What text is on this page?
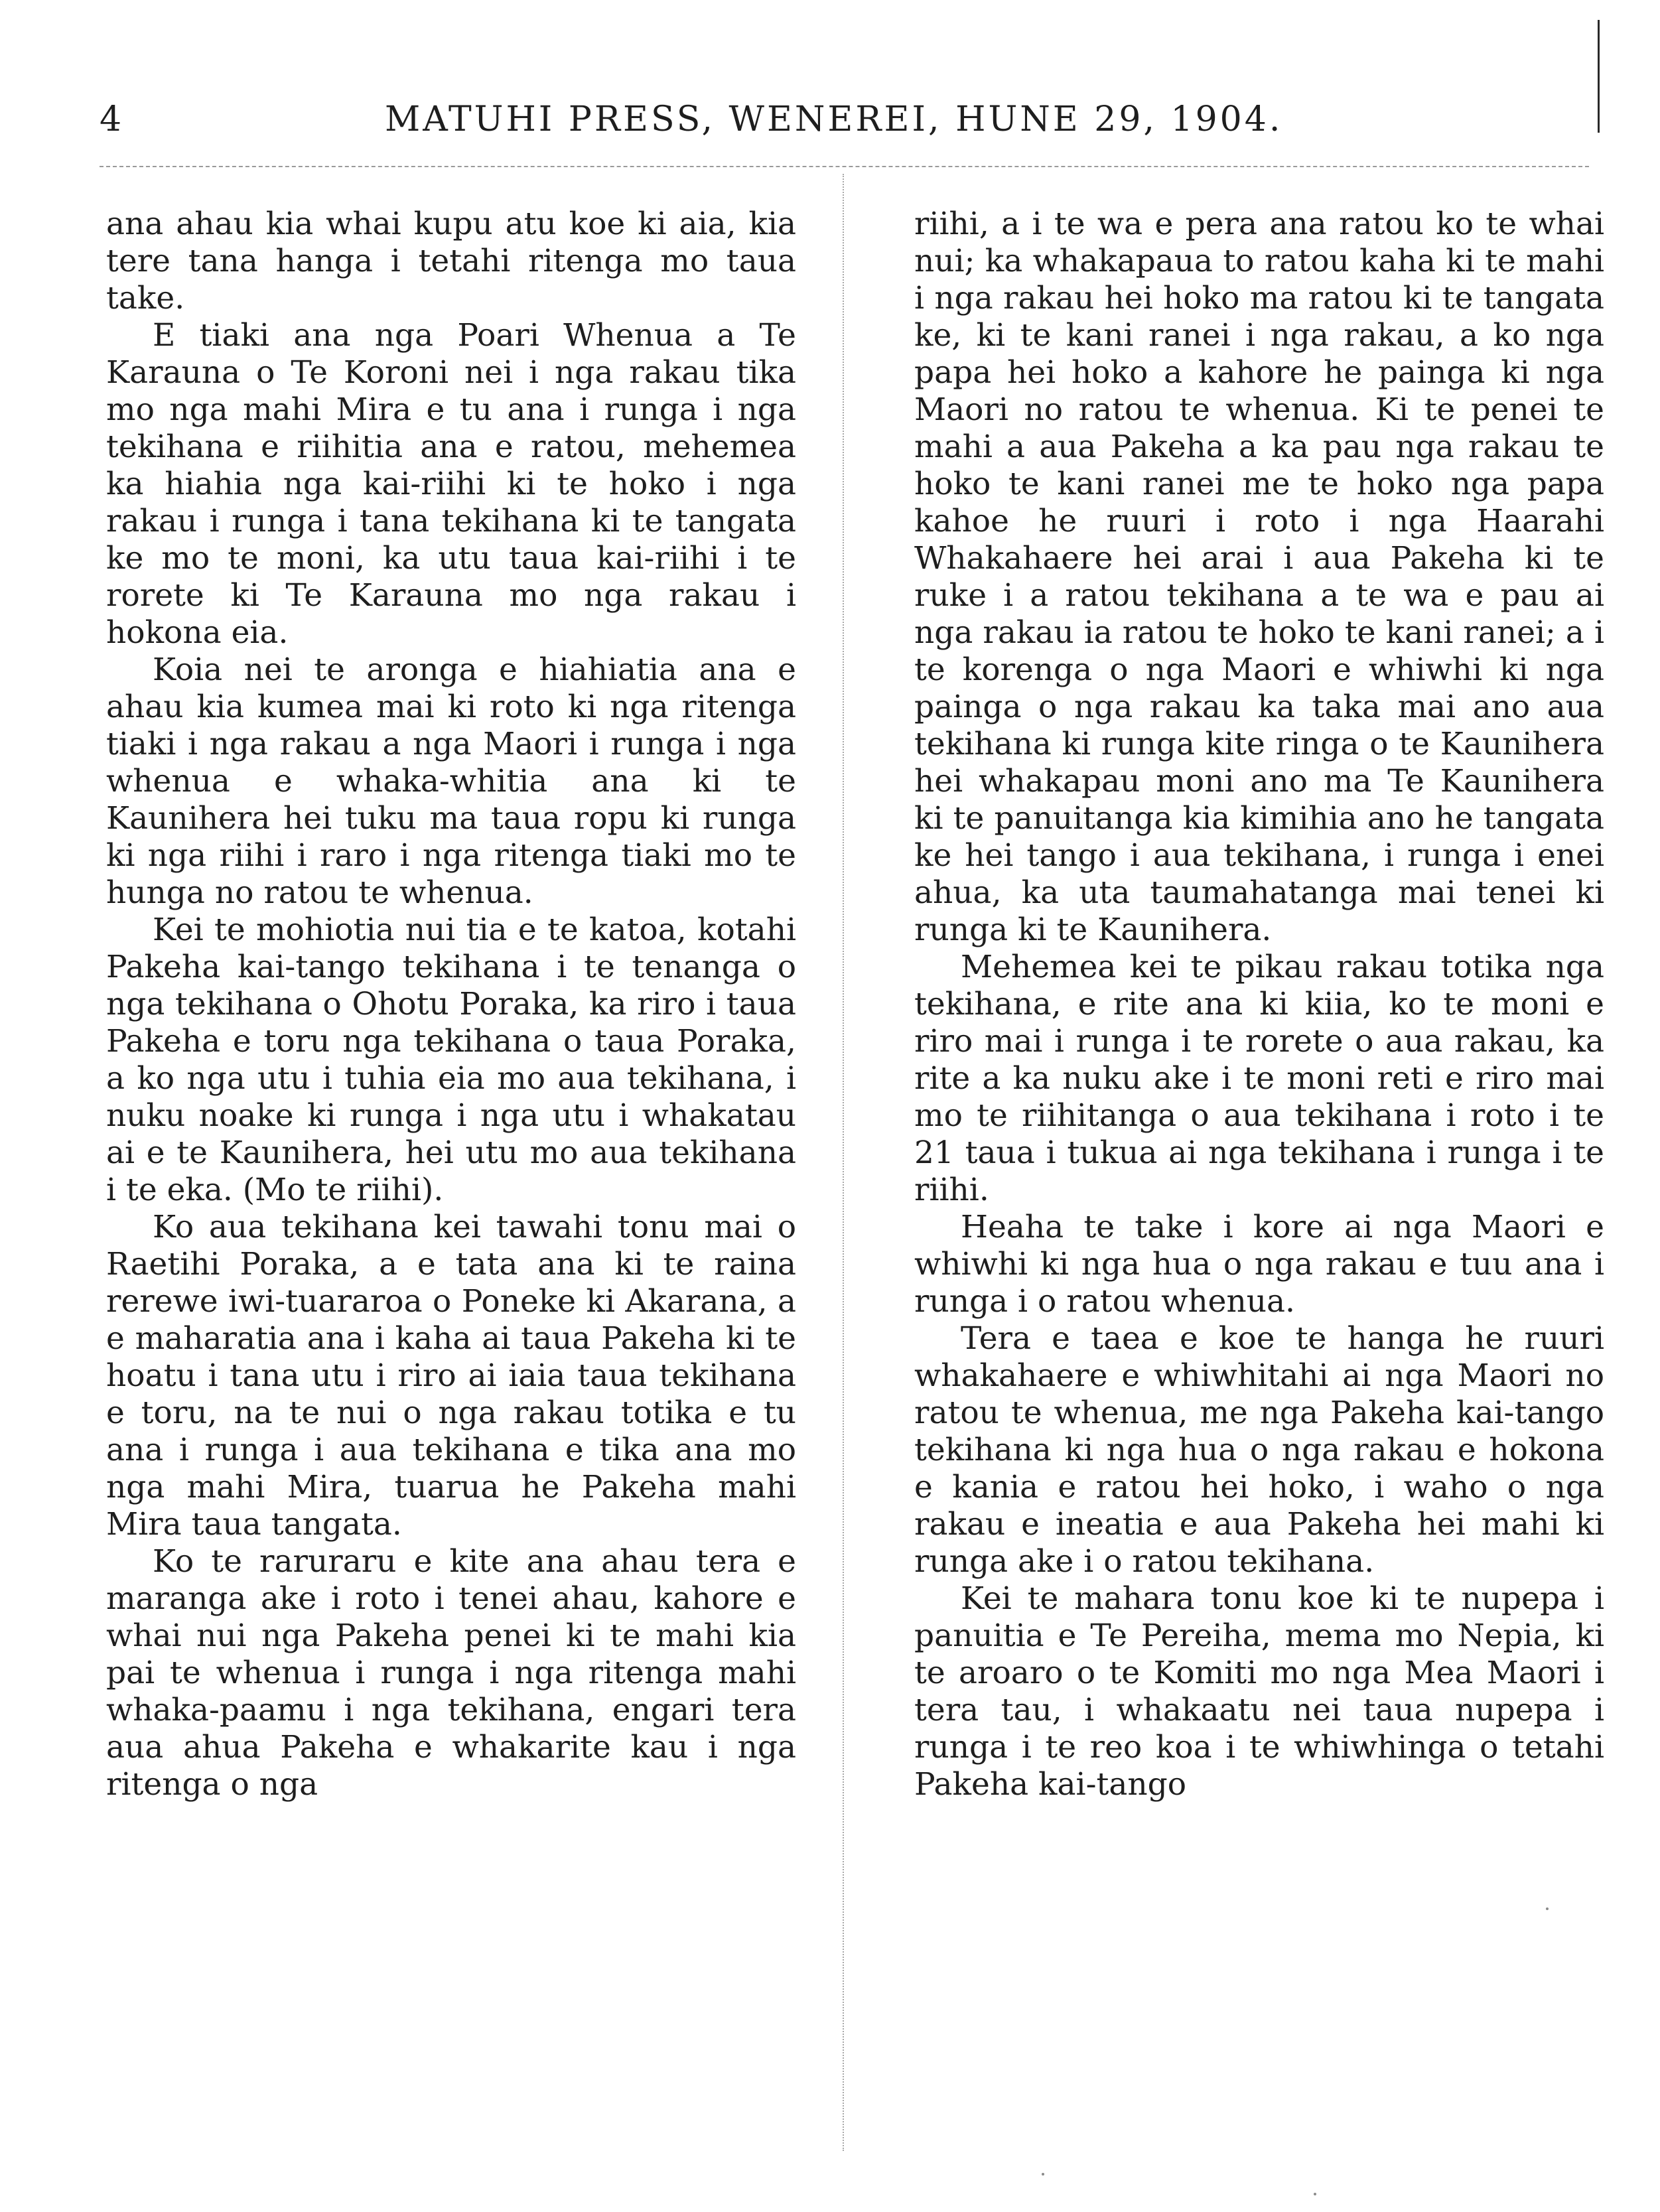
4	MATUHI PRESS, WENEREI, HUNE 29, 1904.

ana ahau kia whai kupu atu koe ki aia, kia tere tana hanga i tetahi ritenga mo taua take.

E tiaki ana nga Poari Whenua a Te Karauna o Te Koroni nei i nga rakau tika mo nga mahi Mira e tu ana i runga i nga tekihana e riihitia ana e ratou, mehemea ka hiahia nga kai-riihi ki te hoko i nga rakau i runga i tana tekihana ki te tangata ke mo te moni, ka utu taua kai-riihi i te rorete ki Te Karauna mo nga rakau i hokona eia.

Koia nei te aronga e hiahiatia ana e ahau kia kumea mai ki roto ki nga ritenga tiaki i nga rakau a nga Maori i runga i nga whenua e whaka-whitia ana ki te Kaunihera hei tuku ma taua ropu ki runga ki nga riihi i raro i nga ritenga tiaki mo te hunga no ratou te whenua.

Kei te mohiotia nui tia e te katoa, kotahi Pakeha kai-tango tekihana i te tenanga o nga tekihana o Ohotu Poraka, ka riro i taua Pakeha e toru nga tekihana o taua Poraka, a ko nga utu i tuhia eia mo aua tekihana, i nuku noake ki runga i nga utu i whakatau ai e te Kaunihera, hei utu mo aua tekihana i te eka. (Mo te riihi).

Ko aua tekihana kei tawahi tonu mai o Raetihi Poraka, a e tata ana ki te raina rerewe iwi-tuararoa o Poneke ki Akarana, a e maharatia ana i kaha ai taua Pakeha ki te hoatu i tana utu i riro ai iaia taua tekihana e toru, na te nui o nga rakau totika e tu ana i runga i aua tekihana e tika ana mo nga mahi Mira, tuarua he Pakeha mahi Mira taua tangata.

Ko te raruraru e kite ana ahau tera e maranga ake i roto i tenei ahau, kahore e whai nui nga Pakeha penei ki te mahi kia pai te whenua i runga i nga ritenga mahi whaka-paamu i nga tekihana, engari tera aua ahua Pakeha e whakarite kau i nga ritenga o nga

riihi, a i te wa e pera ana ratou ko te whai nui; ka whakapaua to ratou kaha ki te mahi i nga rakau hei hoko ma ratou ki te tangata ke, ki te kani ranei i nga rakau, a ko nga papa hei hoko a kahore he painga ki nga Maori no ratou te whenua. Ki te penei te mahi a aua Pakeha a ka pau nga rakau te hoko te kani ranei me te hoko nga papa kahoe he ruuri i roto i nga Haarahi Whakahaere hei arai i aua Pakeha ki te ruke i a ratou tekihana a te wa e pau ai nga rakau ia ratou te hoko te kani ranei; a i te korenga o nga Maori e whiwhi ki nga painga o nga rakau ka taka mai ano aua tekihana ki runga kite ringa o te Kaunihera hei whakapau moni ano ma Te Kaunihera ki te panuitanga kia kimihia ano he tangata ke hei tango i aua tekihana, i runga i enei ahua, ka uta taumahatanga mai tenei ki runga ki te Kaunihera.

Mehemea kei te pikau rakau totika nga tekihana, e rite ana ki kiia, ko te moni e riro mai i runga i te rorete o aua rakau, ka rite a ka nuku ake i te moni reti e riro mai mo te riihitanga o aua tekihana i roto i te 21 taua i tukua ai nga tekihana i runga i te riihi.

Heaha te take i kore ai nga Maori e whiwhi ki nga hua o nga rakau e tuu ana i runga i o ratou whenua.

Tera e taea e koe te hanga he ruuri whakahaere e whiwhitahi ai nga Maori no ratou te whenua, me nga Pakeha kai-tango tekihana ki nga hua o nga rakau e hokona e kania e ratou hei hoko, i waho o nga rakau e ineatia e aua Pakeha hei mahi ki runga ake i o ratou tekihana.

Kei te mahara tonu koe ki te nupepa i panuitia e Te Pereiha, mema mo Nepia, ki te aroaro o te Komiti mo nga Mea Maori i tera tau, i whakaatu nei taua nupepa i runga i te reo koa i te whiwhinga o tetahi Pakeha kai-tango
